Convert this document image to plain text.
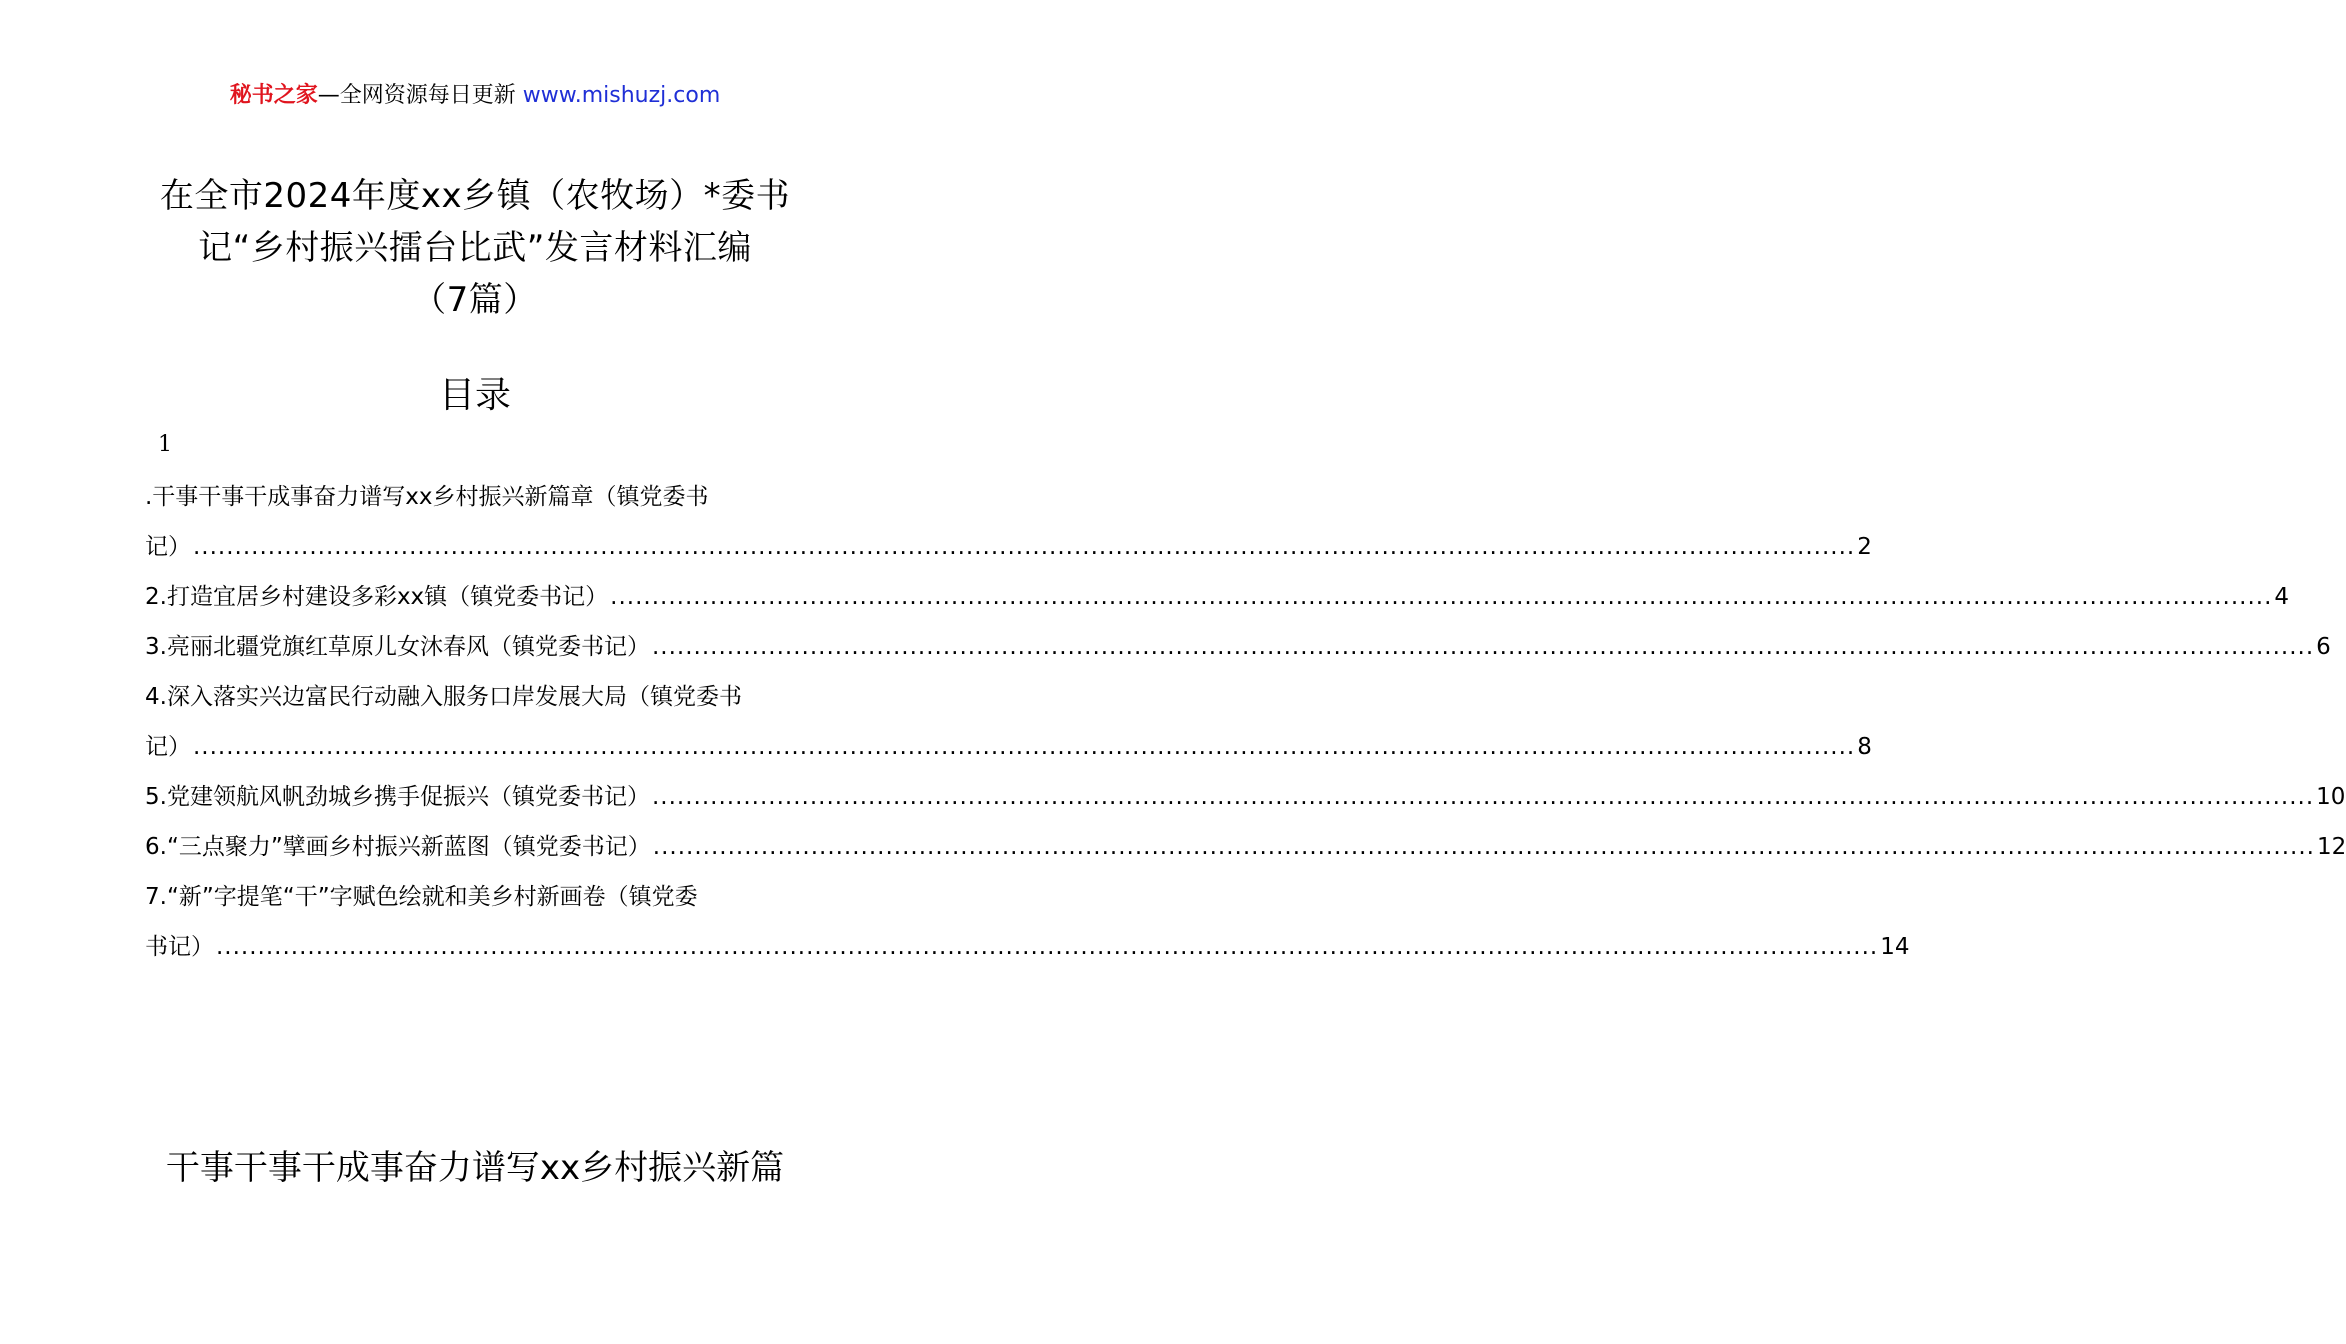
秘书之家—全网资源每日更新 www.mishuzj.com
在全市2024年度xx乡镇（农牧场）*委书
记“乡村振兴擂台比武”发言材料汇编
（7篇）
目录
1
.干事干事干成事奋力谱写xx乡村振兴新篇章（镇党委书
记） ........................................................................................................................................................................................................ 2
2.打造宜居乡村建设多彩xx镇（镇党委书记） ........................................................................................................................................................................................................ 4
3.亮丽北疆党旗红草原儿女沐春风（镇党委书记） ........................................................................................................................................................................................................ 6
4.深入落实兴边富民行动融入服务口岸发展大局（镇党委书
记） ........................................................................................................................................................................................................ 8
5.党建领航风帆劲城乡携手促振兴（镇党委书记） ........................................................................................................................................................................................................ 10
6.“三点聚力”擘画乡村振兴新蓝图（镇党委书记） ........................................................................................................................................................................................................ 12
7.“新”字提笔“干”字赋色绘就和美乡村新画卷（镇党委
书记） ........................................................................................................................................................................................................ 14
干事干事干成事奋力谱写xx乡村振兴新篇
